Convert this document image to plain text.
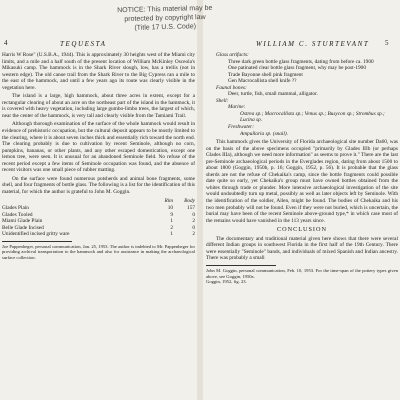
NOTICE: This material may be
protected by copyright law
(Title 17 U.S. Code)
4	TEQUESTA	5
WILLIAM C. STURTEVANT

Harris W Rose" (U.S.B.A., 1944). This is approximately 30 heights west of the Miami city limits, and a mile and a half south of the present location of William McKinley Osceola's Mikasuki camp. The hammock is in the Shark River slough, low, has a trellis (not in western edge). The old canoe trail from the Shark River to the Big Cypress ran a mile to the east of the hammock, and until a few years ago its route was clearly visible in the vegetation here.

The island is a large, high hammock, about three acres in extent, except for a rectangular clearing of about an acre on the northeast part of the island in the hammock, it is covered with heavy vegetation, including large gumbo-limbo trees, the largest of which, near the center of the hammock, is very tall and clearly visible from the Tamiami Trail.

Although thorough examination of the surface of the whole hammock would result in evidence of prehistoric occupation, but the cultural deposit appears to be mostly limited to the clearing, where it is about seven inches thick and essentially rich toward the north end. The clearing probably is due to cultivation by recent Seminole, although no corn, pumpkins, bananas, or other plants, and any other escaped domestication, except one lemon tree, were seen. It is unusual for an abandoned Seminole field. No refuse of the recent period except a few items of Seminole occupation was found, and the absence of recent visitors was one small piece of rubber matting.

On the surface were found numerous potsherds and animal bone fragments, some shell, and four fragments of bottle glass. The following is a list for the identification of this material, for which the author is grateful to John M. Goggin.

	Rim	Body
Glades Plain	10	157
Glades Tooled	9	0
Miami Glade Plain	1	2
Belle Glade Incised	2	0
Unidentified incised gritty ware	1	2

Joe Pappenheger, personal communication, Jan. 25, 1953. The author is indebted to Mr. Pappenheger for providing archival transportation to the hammock and also for assistance in making the archaeological surface collection.

Glass artifacts:
Three dark green bottle glass fragments, dating from before ca. 1900
One patinated clear bottle glass fragment, why may be post-1900
Trade Bayonne shell pink fragment
Gen Macrocallista shell knife ??
Faunal bones:
Deer, turtle, fish, small mammal, alligator.
Shell:
Marine:
Ostrea sp.; Macrocallista sp.; Venus sp.; Busycon sp.; Strombus sp.; Lucina sp.
Freshwater:
Ampullaria sp. (snail).

This hammock gives the University of Florida archaeological site number Da60, was on the basis of the above specimens occupied "primarily by Glades IIIb (or perhaps Glades IIIa), although we need more information" as seems to prove it." There are the last pre-Seminole archaeological periods in the Everglades region, dating from about 1500 to about 1800 (Goggin, 1950b, p. 16; Goggin, 1952, p. 56). It is probable that the glass sherds are not the refuse of Chekaika's camp, since the bottle fragments could possible date quite so early, yet Chekaika's group must have owned bottles obtained from the whites through trade or plunder. More intensive archaeological investigation of the site would undoubtedly turn up metal, possibly as well as later objects left by Seminole. With the identification of the soldier, Allen, might be found. The bodies of Chekaika and his two men probably will not be found. Even if they were not buried, which is uncertain, the burial may have been of the recent Seminole above-ground type,* in which case most of the remains would have vanished in the 113 years since.

CONCLUSION

The documentary and traditional material given here shows that there were several different Indian groups in southwest Florida in the first half of the 19th Century. There were essentially "Seminole" bands, and individuals of mixed Spanish and Indian ancestry. There was probably a small

John M. Goggin, personal communication, Feb. 10, 1953. For the time-span of the pottery types given above, see Goggin, 1950a.

Goggin, 1952, fig. 23.
